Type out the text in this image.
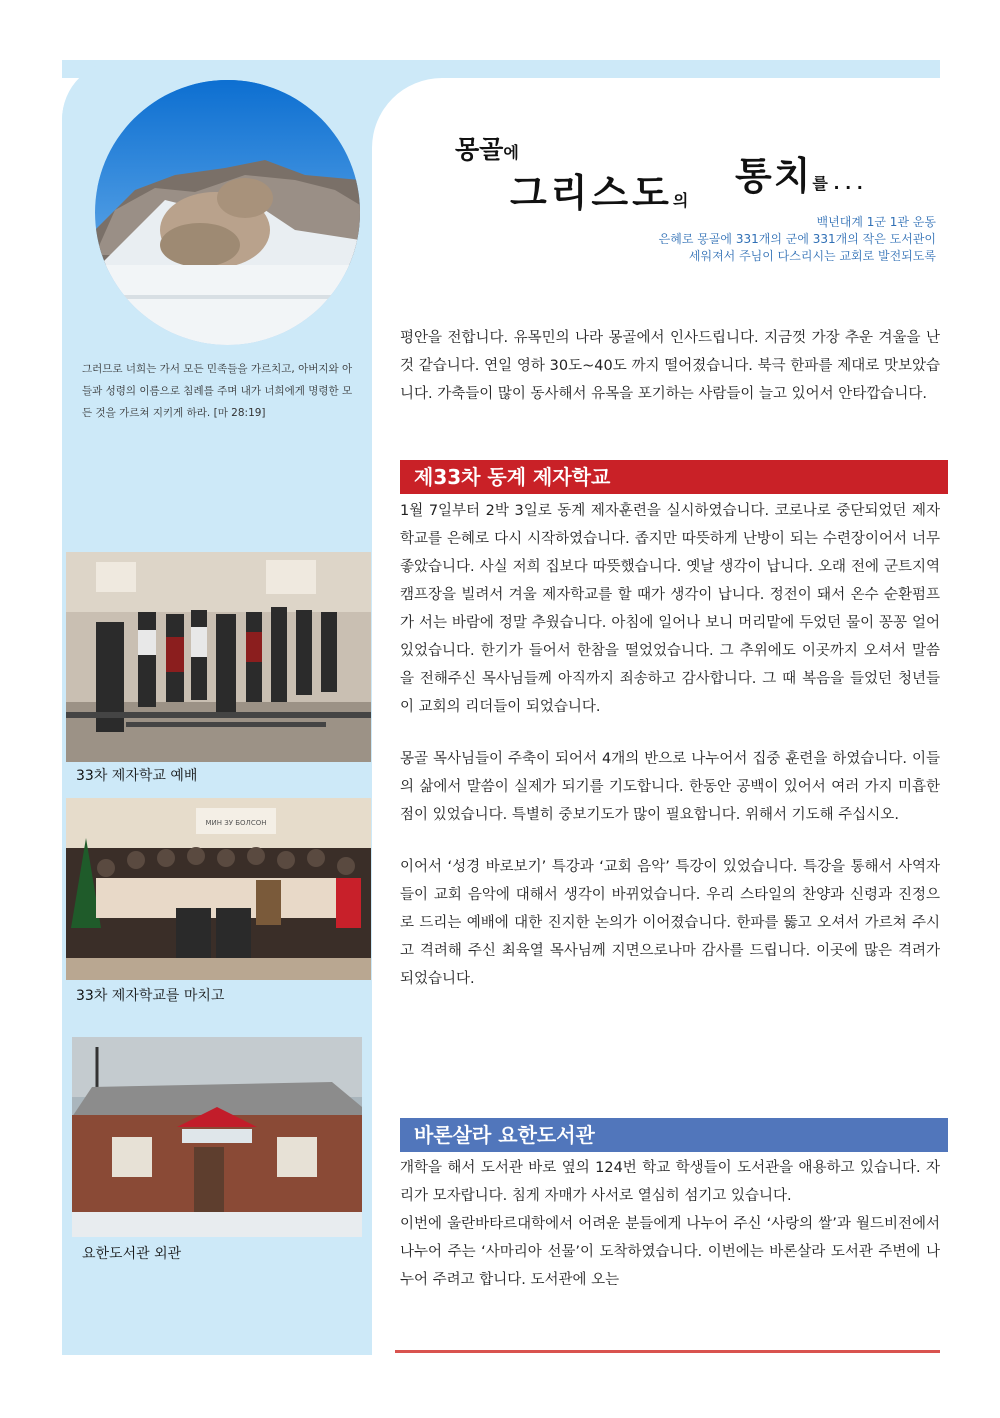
그러므로 너희는 가서 모든 민족들을 가르치고, 아버지와 아들과 성령의 이름으로 침례를 주며 내가 너희에게 명령한 모든 것을 가르쳐 지키게 하라. [마 28:19]
33차 제자학교 예배
МИН ЗУ БОЛСОН
33차 제자학교를 마치고
요한도서관 외관
몽골에
그리스도의
통치를 . . .
백년대계 1군 1관 운동
은혜로 몽골에 331개의 군에 331개의 작은 도서관이
세워져서 주님이 다스리시는 교회로 발전되도록

평안을 전합니다. 유목민의 나라 몽골에서 인사드립니다. 지금껏 가장 추운 겨울을 난 것 같습니다. 연일 영하 30도~40도 까지 떨어졌습니다. 북극 한파를 제대로 맛보았습니다. 가축들이 많이 동사해서 유목을 포기하는 사람들이 늘고 있어서 안타깝습니다.

제33차 동계 제자학교

1월 7일부터 2박 3일로 동계 제자훈련을 실시하였습니다. 코로나로 중단되었던 제자학교를 은혜로 다시 시작하였습니다. 좁지만 따뜻하게 난방이 되는 수련장이어서 너무 좋았습니다. 사실 저희 집보다 따뜻했습니다. 옛날 생각이 납니다. 오래 전에 군트지역 캠프장을 빌려서 겨울 제자학교를 할 때가 생각이 납니다. 정전이 돼서 온수 순환펌프가 서는 바람에 정말 추웠습니다. 아침에 일어나 보니 머리맡에 두었던 물이 꽁꽁 얼어 있었습니다. 한기가 들어서 한참을 떨었었습니다. 그 추위에도 이곳까지 오셔서 말씀을 전해주신 목사님들께 아직까지 죄송하고 감사합니다. 그 때 복음을 들었던 청년들이 교회의 리더들이 되었습니다.

몽골 목사님들이 주축이 되어서 4개의 반으로 나누어서 집중 훈련을 하였습니다. 이들의 삶에서 말씀이 실제가 되기를 기도합니다. 한동안 공백이 있어서 여러 가지 미흡한 점이 있었습니다. 특별히 중보기도가 많이 필요합니다. 위해서 기도해 주십시오.

이어서 ‘성경 바로보기’ 특강과 ‘교회 음악’ 특강이 있었습니다. 특강을 통해서 사역자들이 교회 음악에 대해서 생각이 바뀌었습니다. 우리 스타일의 찬양과 신령과 진정으로 드리는 예배에 대한 진지한 논의가 이어졌습니다. 한파를 뚫고 오셔서 가르쳐 주시고 격려해 주신 최육열 목사님께 지면으로나마 감사를 드립니다. 이곳에 많은 격려가 되었습니다.

바론살라 요한도서관

개학을 해서 도서관 바로 옆의 124번 학교 학생들이 도서관을 애용하고 있습니다. 자리가 모자랍니다. 침게 자매가 사서로 열심히 섬기고 있습니다.

이번에 울란바타르대학에서 어려운 분들에게 나누어 주신 ‘사랑의 쌀’과 월드비전에서 나누어 주는 ‘사마리아 선물’이 도착하였습니다. 이번에는 바론살라 도서관 주변에 나누어 주려고 합니다. 도서관에 오는
